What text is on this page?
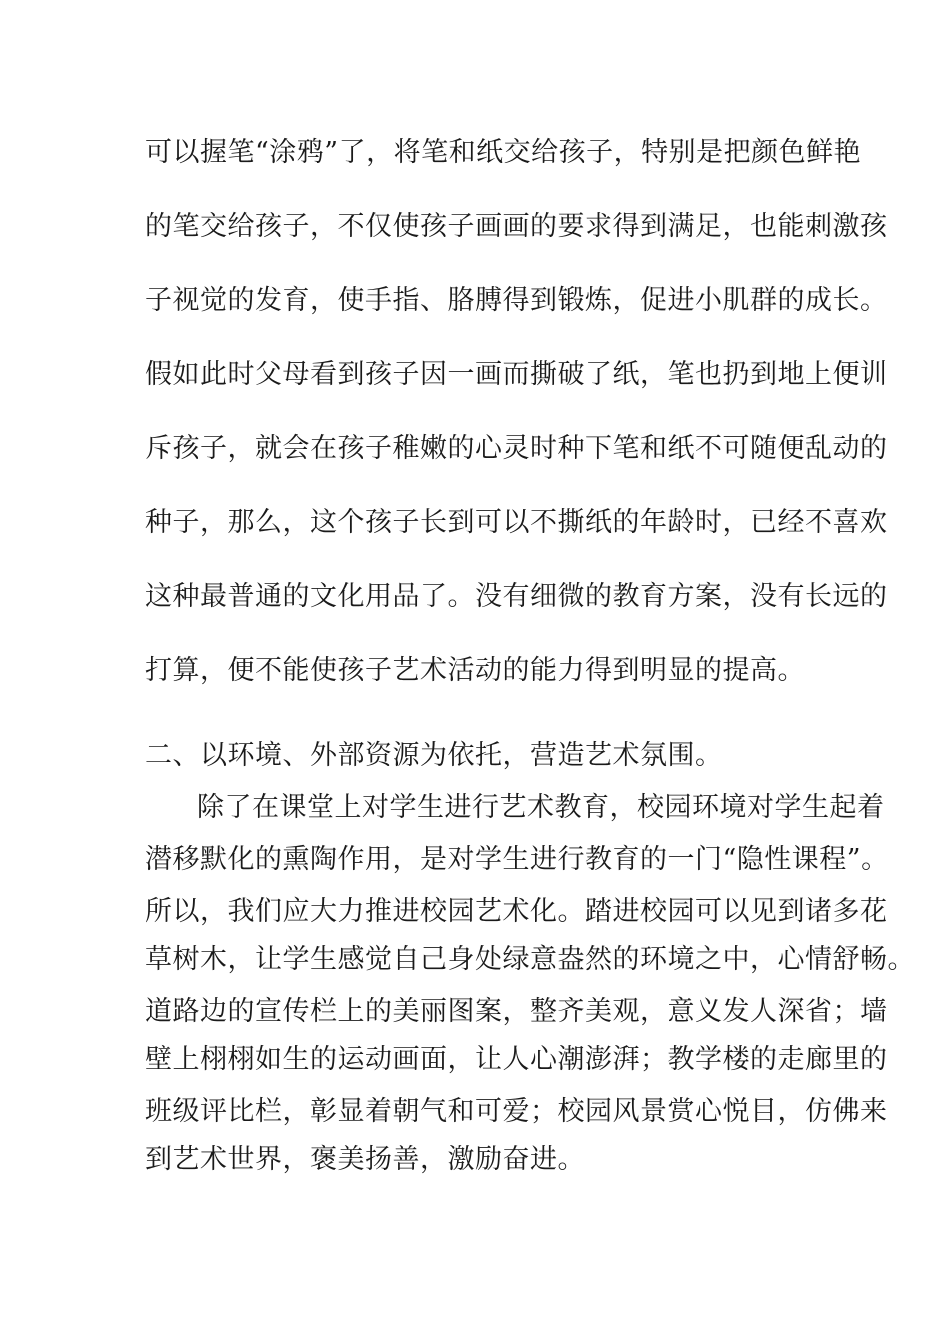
可以握笔“涂鸦”了，将笔和纸交给孩子，特别是把颜色鲜艳
的笔交给孩子，不仅使孩子画画的要求得到满足，也能刺激孩
子视觉的发育，使手指、胳膊得到锻炼，促进小肌群的成长。
假如此时父母看到孩子因一画而撕破了纸，笔也扔到地上便训
斥孩子，就会在孩子稚嫩的心灵时种下笔和纸不可随便乱动的
种子，那么，这个孩子长到可以不撕纸的年龄时，已经不喜欢
这种最普通的文化用品了。没有细微的教育方案，没有长远的
打算，便不能使孩子艺术活动的能力得到明显的提高。
二、以环境、外部资源为依托，营造艺术氛围。
除了在课堂上对学生进行艺术教育，校园环境对学生起着
潜移默化的熏陶作用，是对学生进行教育的一门“隐性课程”。
所以，我们应大力推进校园艺术化。踏进校园可以见到诸多花
草树木，让学生感觉自己身处绿意盎然的环境之中，心情舒畅。
道路边的宣传栏上的美丽图案，整齐美观，意义发人深省；墙
壁上栩栩如生的运动画面，让人心潮澎湃；教学楼的走廊里的
班级评比栏，彰显着朝气和可爱；校园风景赏心悦目，仿佛来
到艺术世界，褒美扬善，激励奋进。
